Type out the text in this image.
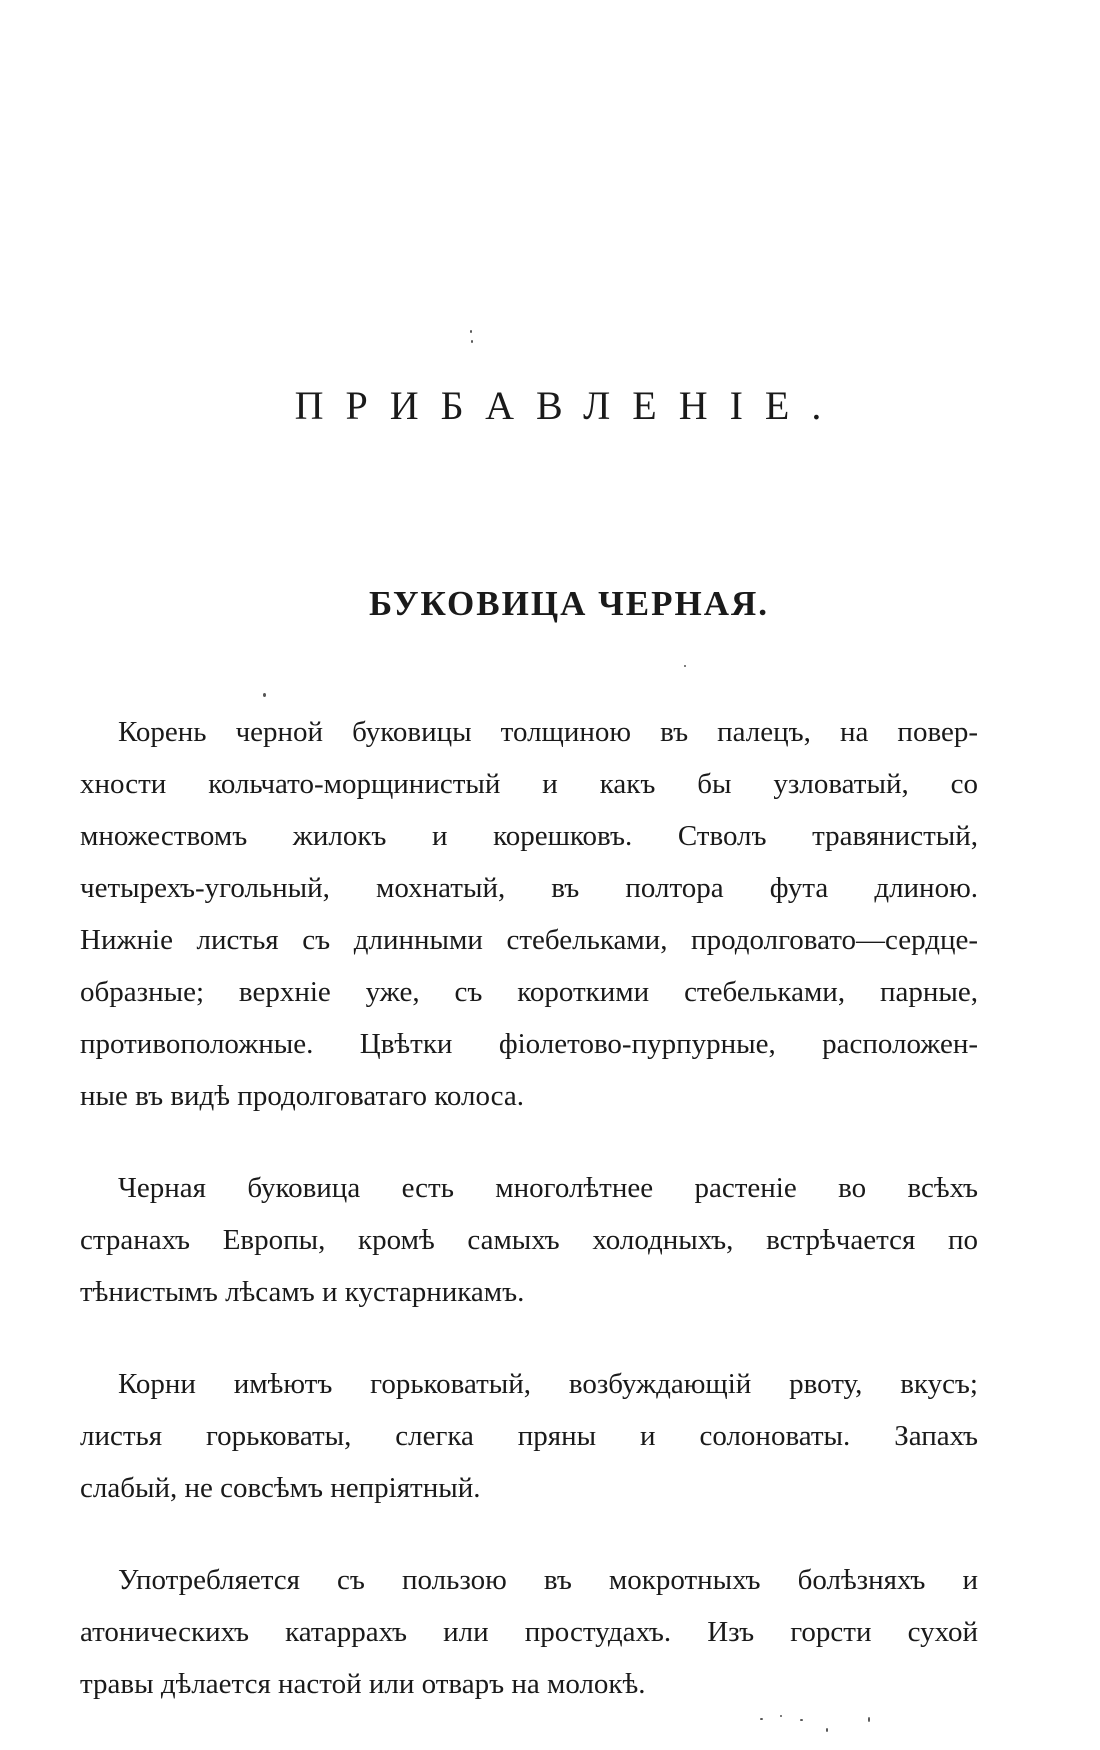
ПРИБАВЛЕНІЕ.
БУКОВИЦА ЧЕРНАЯ.

Корень черной буковицы толщиною въ палецъ, на повер-
хности кольчато-морщинистый и какъ бы узловатый, со
множествомъ жилокъ и корешковъ. Стволъ травянистый,
четырехъ-угольный, мохнатый, въ полтора фута длиною.
Нижніе листья съ длинными стебельками, продолговато—сердце-
образные; верхніе уже, съ короткими стебельками, парные,
противоположные. Цвѣтки фіолетово-пурпурные, расположен-
ные въ видѣ продолговатаго колоса.

Черная буковица есть многолѣтнее растеніе во всѣхъ
странахъ Европы, кромѣ самыхъ холодныхъ, встрѣчается по
тѣнистымъ лѣсамъ и кустарникамъ.

Корни имѣютъ горьковатый, возбуждающій рвоту, вкусъ;
листья горьковаты, слегка пряны и солоноваты. Запахъ
слабый, не совсѣмъ непріятный.

Употребляется съ пользою въ мокротныхъ болѣзняхъ и
атоническихъ катаррахъ или простудахъ. Изъ горсти сухой
травы дѣлается настой или отваръ на молокѣ.
